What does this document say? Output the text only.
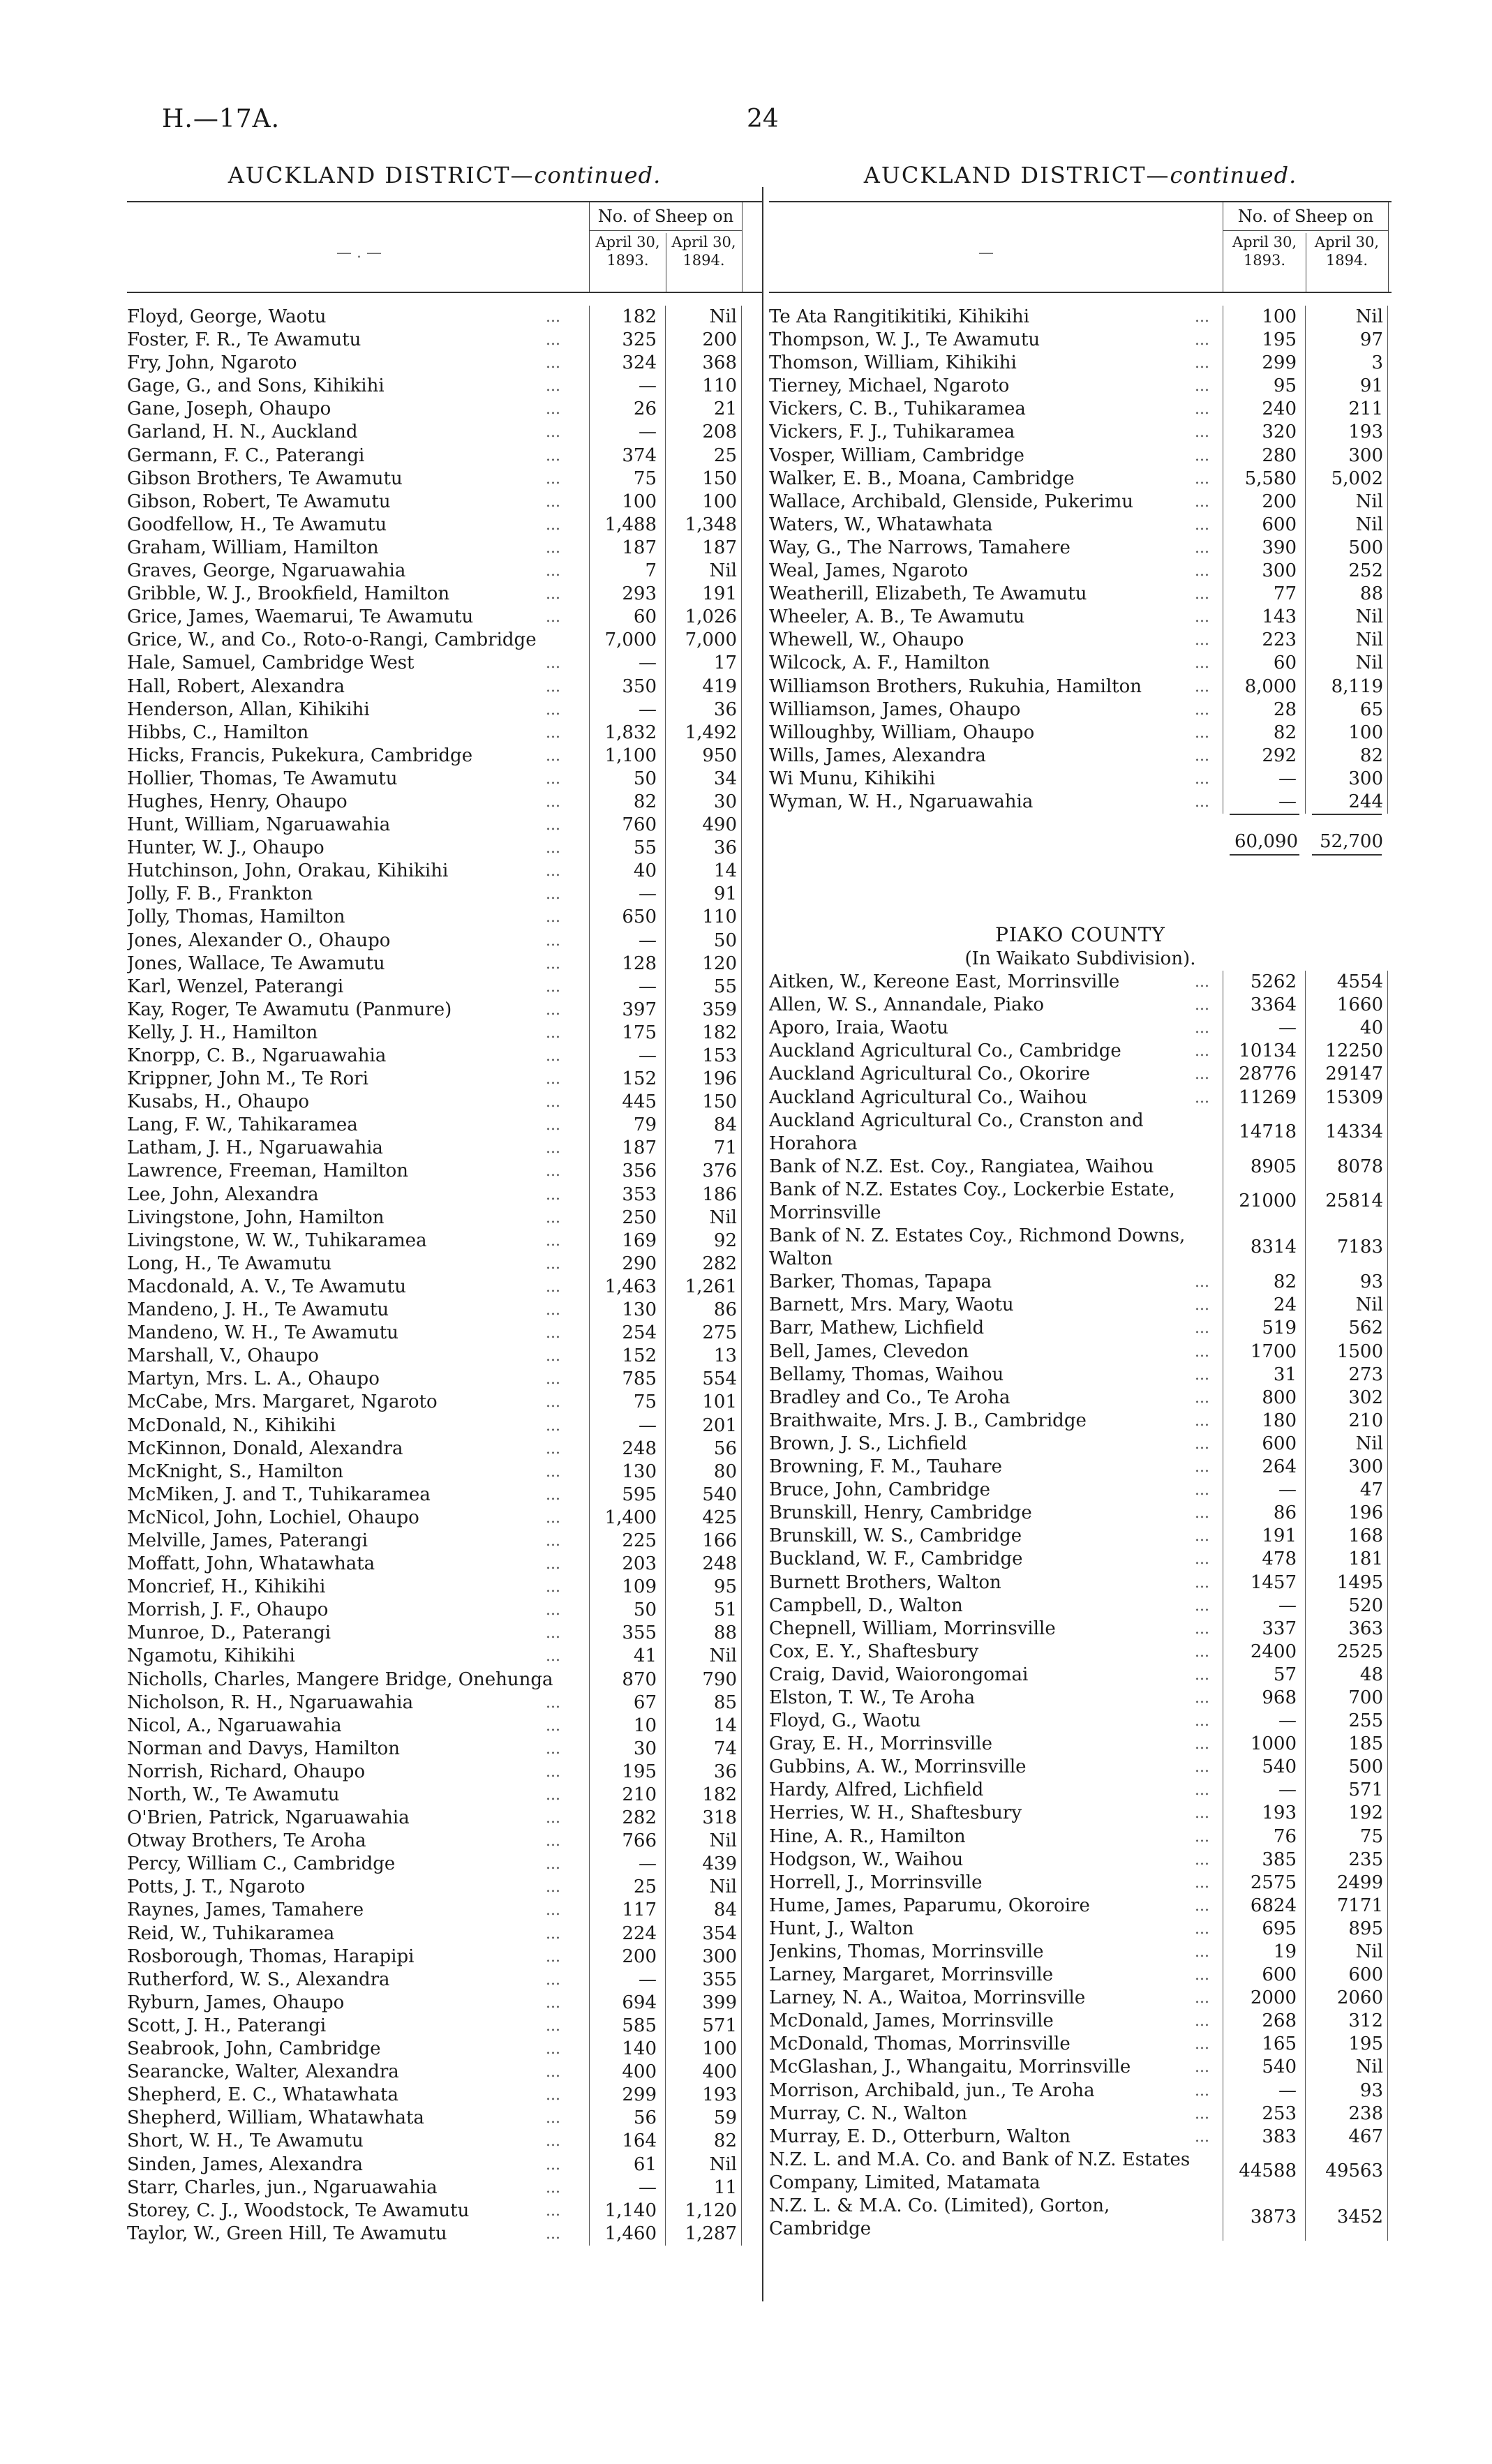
H.—17A.	24
AUCKLAND DISTRICT—continued.
— . —
No. of Sheep on
April 30,
1893.
April 30,
1894.
Floyd, George, Waotu	...	182	Nil
Foster, F. R., Te Awamutu	...	325	200
Fry, John, Ngaroto	...	324	368
Gage, G., and Sons, Kihikihi	...	—	110
Gane, Joseph, Ohaupo	...	26	21
Garland, H. N., Auckland	...	—	208
Germann, F. C., Paterangi	...	374	25
Gibson Brothers, Te Awamutu	...	75	150
Gibson, Robert, Te Awamutu	...	100	100
Goodfellow, H., Te Awamutu	...	1,488	1,348
Graham, William, Hamilton	...	187	187
Graves, George, Ngaruawahia	...	7	Nil
Gribble, W. J., Brookfield, Hamilton	...	293	191
Grice, James, Waemarui, Te Awamutu	...	60	1,026
Grice, W., and Co., Roto-o-Rangi, Cambridge	7,000	7,000
Hale, Samuel, Cambridge West	...	—	17
Hall, Robert, Alexandra	...	350	419
Henderson, Allan, Kihikihi	...	—	36
Hibbs, C., Hamilton	...	1,832	1,492
Hicks, Francis, Pukekura, Cambridge	...	1,100	950
Hollier, Thomas, Te Awamutu	...	50	34
Hughes, Henry, Ohaupo	...	82	30
Hunt, William, Ngaruawahia	...	760	490
Hunter, W. J., Ohaupo	...	55	36
Hutchinson, John, Orakau, Kihikihi	...	40	14
Jolly, F. B., Frankton	...	—	91
Jolly, Thomas, Hamilton	...	650	110
Jones, Alexander O., Ohaupo	...	—	50
Jones, Wallace, Te Awamutu	...	128	120
Karl, Wenzel, Paterangi	...	—	55
Kay, Roger, Te Awamutu (Panmure)	...	397	359
Kelly, J. H., Hamilton	...	175	182
Knorpp, C. B., Ngaruawahia	...	—	153
Krippner, John M., Te Rori	...	152	196
Kusabs, H., Ohaupo	...	445	150
Lang, F. W., Tahikaramea	...	79	84
Latham, J. H., Ngaruawahia	...	187	71
Lawrence, Freeman, Hamilton	...	356	376
Lee, John, Alexandra	...	353	186
Livingstone, John, Hamilton	...	250	Nil
Livingstone, W. W., Tuhikaramea	...	169	92
Long, H., Te Awamutu	...	290	282
Macdonald, A. V., Te Awamutu	...	1,463	1,261
Mandeno, J. H., Te Awamutu	...	130	86
Mandeno, W. H., Te Awamutu	...	254	275
Marshall, V., Ohaupo	...	152	13
Martyn, Mrs. L. A., Ohaupo	...	785	554
McCabe, Mrs. Margaret, Ngaroto	...	75	101
McDonald, N., Kihikihi	...	—	201
McKinnon, Donald, Alexandra	...	248	56
McKnight, S., Hamilton	...	130	80
McMiken, J. and T., Tuhikaramea	...	595	540
McNicol, John, Lochiel, Ohaupo	...	1,400	425
Melville, James, Paterangi	...	225	166
Moffatt, John, Whatawhata	...	203	248
Moncrief, H., Kihikihi	...	109	95
Morrish, J. F., Ohaupo	...	50	51
Munroe, D., Paterangi	...	355	88
Ngamotu, Kihikihi	...	41	Nil
Nicholls, Charles, Mangere Bridge, Onehunga	870	790
Nicholson, R. H., Ngaruawahia	...	67	85
Nicol, A., Ngaruawahia	...	10	14
Norman and Davys, Hamilton	...	30	74
Norrish, Richard, Ohaupo	...	195	36
North, W., Te Awamutu	...	210	182
O'Brien, Patrick, Ngaruawahia	...	282	318
Otway Brothers, Te Aroha	...	766	Nil
Percy, William C., Cambridge	...	—	439
Potts, J. T., Ngaroto	...	25	Nil
Raynes, James, Tamahere	...	117	84
Reid, W., Tuhikaramea	...	224	354
Rosborough, Thomas, Harapipi	...	200	300
Rutherford, W. S., Alexandra	...	—	355
Ryburn, James, Ohaupo	...	694	399
Scott, J. H., Paterangi	...	585	571
Seabrook, John, Cambridge	...	140	100
Searancke, Walter, Alexandra	...	400	400
Shepherd, E. C., Whatawhata	...	299	193
Shepherd, William, Whatawhata	...	56	59
Short, W. H., Te Awamutu	...	164	82
Sinden, James, Alexandra	...	61	Nil
Starr, Charles, jun., Ngaruawahia	...	—	11
Storey, C. J., Woodstock, Te Awamutu	...	1,140	1,120
Taylor, W., Green Hill, Te Awamutu	...	1,460	1,287
AUCKLAND DISTRICT—continued.
—
No. of Sheep on
April 30,
1893.
April 30,
1894.
Te Ata Rangitikitiki, Kihikihi	...	100	Nil
Thompson, W. J., Te Awamutu	...	195	97
Thomson, William, Kihikihi	...	299	3
Tierney, Michael, Ngaroto	...	95	91
Vickers, C. B., Tuhikaramea	...	240	211
Vickers, F. J., Tuhikaramea	...	320	193
Vosper, William, Cambridge	...	280	300
Walker, E. B., Moana, Cambridge	...	5,580	5,002
Wallace, Archibald, Glenside, Pukerimu	...	200	Nil
Waters, W., Whatawhata	...	600	Nil
Way, G., The Narrows, Tamahere	...	390	500
Weal, James, Ngaroto	...	300	252
Weatherill, Elizabeth, Te Awamutu	...	77	88
Wheeler, A. B., Te Awamutu	...	143	Nil
Whewell, W., Ohaupo	...	223	Nil
Wilcock, A. F., Hamilton	...	60	Nil
Williamson Brothers, Rukuhia, Hamilton	...	8,000	8,119
Williamson, James, Ohaupo	...	28	65
Willoughby, William, Ohaupo	...	82	100
Wills, James, Alexandra	...	292	82
Wi Munu, Kihikihi	...	—	300
Wyman, W. H., Ngaruawahia	...	—	244
60,090	52,700
PIAKO COUNTY
(In Waikato Subdivision).
Aitken, W., Kereone East, Morrinsville	...	5262	4554
Allen, W. S., Annandale, Piako	...	3364	1660
Aporo, Iraia, Waotu	...	—	40
Auckland Agricultural Co., Cambridge	...	10134	12250
Auckland Agricultural Co., Okorire	...	28776	29147
Auckland Agricultural Co., Waihou	...	11269	15309
Auckland Agricultural Co., Cranston and Horahora
14718	14334
Bank of N.Z. Est. Coy., Rangiatea, Waihou	8905	8078
Bank of N.Z. Estates Coy., Lockerbie Estate, Morrinsville
21000	25814
Bank of N. Z. Estates Coy., Richmond Downs, Walton
8314	7183
Barker, Thomas, Tapapa	...	82	93
Barnett, Mrs. Mary, Waotu	...	24	Nil
Barr, Mathew, Lichfield	...	519	562
Bell, James, Clevedon	...	1700	1500
Bellamy, Thomas, Waihou	...	31	273
Bradley and Co., Te Aroha	...	800	302
Braithwaite, Mrs. J. B., Cambridge	...	180	210
Brown, J. S., Lichfield	...	600	Nil
Browning, F. M., Tauhare	...	264	300
Bruce, John, Cambridge	...	—	47
Brunskill, Henry, Cambridge	...	86	196
Brunskill, W. S., Cambridge	...	191	168
Buckland, W. F., Cambridge	...	478	181
Burnett Brothers, Walton	...	1457	1495
Campbell, D., Walton	...	—	520
Chepnell, William, Morrinsville	...	337	363
Cox, E. Y., Shaftesbury	...	2400	2525
Craig, David, Waiorongomai	...	57	48
Elston, T. W., Te Aroha	...	968	700
Floyd, G., Waotu	...	—	255
Gray, E. H., Morrinsville	...	1000	185
Gubbins, A. W., Morrinsville	...	540	500
Hardy, Alfred, Lichfield	...	—	571
Herries, W. H., Shaftesbury	...	193	192
Hine, A. R., Hamilton	...	76	75
Hodgson, W., Waihou	...	385	235
Horrell, J., Morrinsville	...	2575	2499
Hume, James, Paparumu, Okoroire	...	6824	7171
Hunt, J., Walton	...	695	895
Jenkins, Thomas, Morrinsville	...	19	Nil
Larney, Margaret, Morrinsville	...	600	600
Larney, N. A., Waitoa, Morrinsville	...	2000	2060
McDonald, James, Morrinsville	...	268	312
McDonald, Thomas, Morrinsville	...	165	195
McGlashan, J., Whangaitu, Morrinsville	...	540	Nil
Morrison, Archibald, jun., Te Aroha	...	—	93
Murray, C. N., Walton	...	253	238
Murray, E. D., Otterburn, Walton	...	383	467
N.Z. L. and M.A. Co. and Bank of N.Z. Estates Company, Limited, Matamata
44588	49563
N.Z. L. & M.A. Co. (Limited), Gorton, Cambridge
3873	3452
